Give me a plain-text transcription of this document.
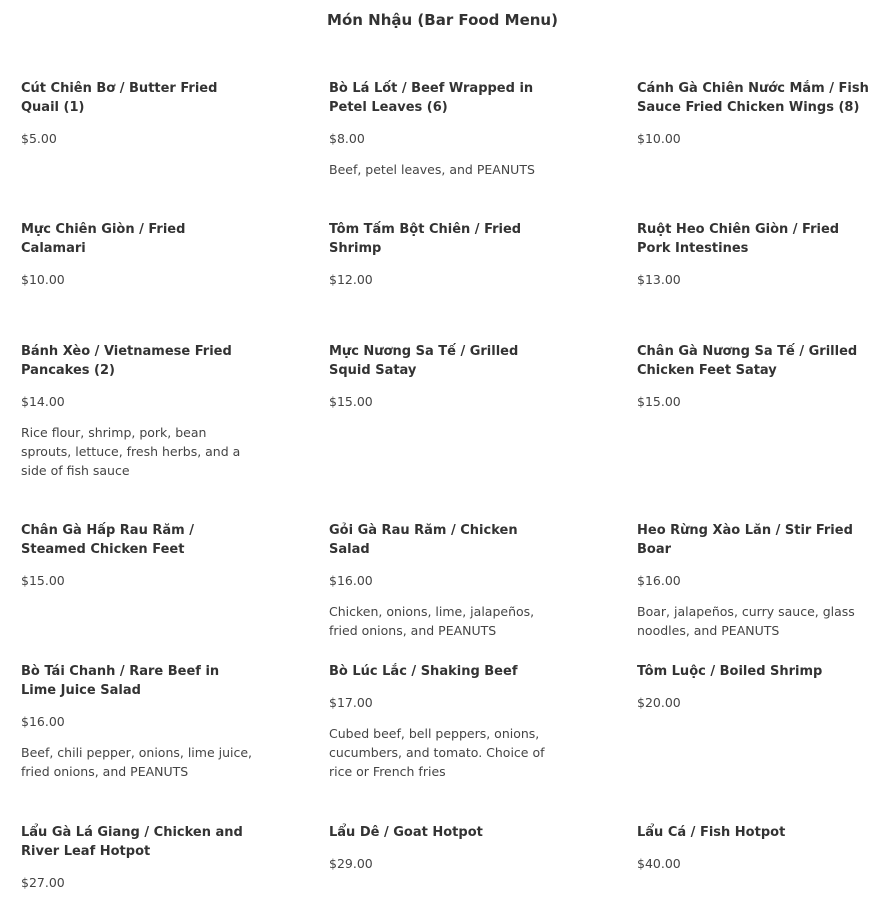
Món Nhậu (Bar Food Menu)

Cút Chiên Bơ / Butter Fried Quail (1)

$5.00

Bò Lá Lốt / Beef Wrapped in Petel Leaves (6)

$8.00

Beef, petel leaves, and PEANUTS

Cánh Gà Chiên Nước Mắm / Fish Sauce Fried Chicken Wings (8)

$10.00

Mực Chiên Giòn / Fried Calamari

$10.00

Tôm Tấm Bột Chiên / Fried Shrimp

$12.00

Ruột Heo Chiên Giòn / Fried Pork Intestines

$13.00

Bánh Xèo / Vietnamese Fried Pancakes (2)

$14.00

Rice flour, shrimp, pork, bean sprouts, lettuce, fresh herbs, and a side of fish sauce

Mực Nương Sa Tế / Grilled Squid Satay

$15.00

Chân Gà Nương Sa Tế / Grilled Chicken Feet Satay

$15.00

Chân Gà Hấp Rau Răm / Steamed Chicken Feet

$15.00

Gỏi Gà Rau Răm / Chicken Salad

$16.00

Chicken, onions, lime, jalapeños, fried onions, and PEANUTS

Heo Rừng Xào Lăn / Stir Fried Boar

$16.00

Boar, jalapeños, curry sauce, glass noodles, and PEANUTS

Bò Tái Chanh / Rare Beef in Lime Juice Salad

$16.00

Beef, chili pepper, onions, lime juice, fried onions, and PEANUTS

Bò Lúc Lắc / Shaking Beef

$17.00

Cubed beef, bell peppers, onions, cucumbers, and tomato. Choice of rice or French fries

Tôm Luộc / Boiled Shrimp

$20.00

Lẩu Gà Lá Giang / Chicken and River Leaf Hotpot

$27.00

Lẩu Dê / Goat Hotpot

$29.00

Lẩu Cá / Fish Hotpot

$40.00
